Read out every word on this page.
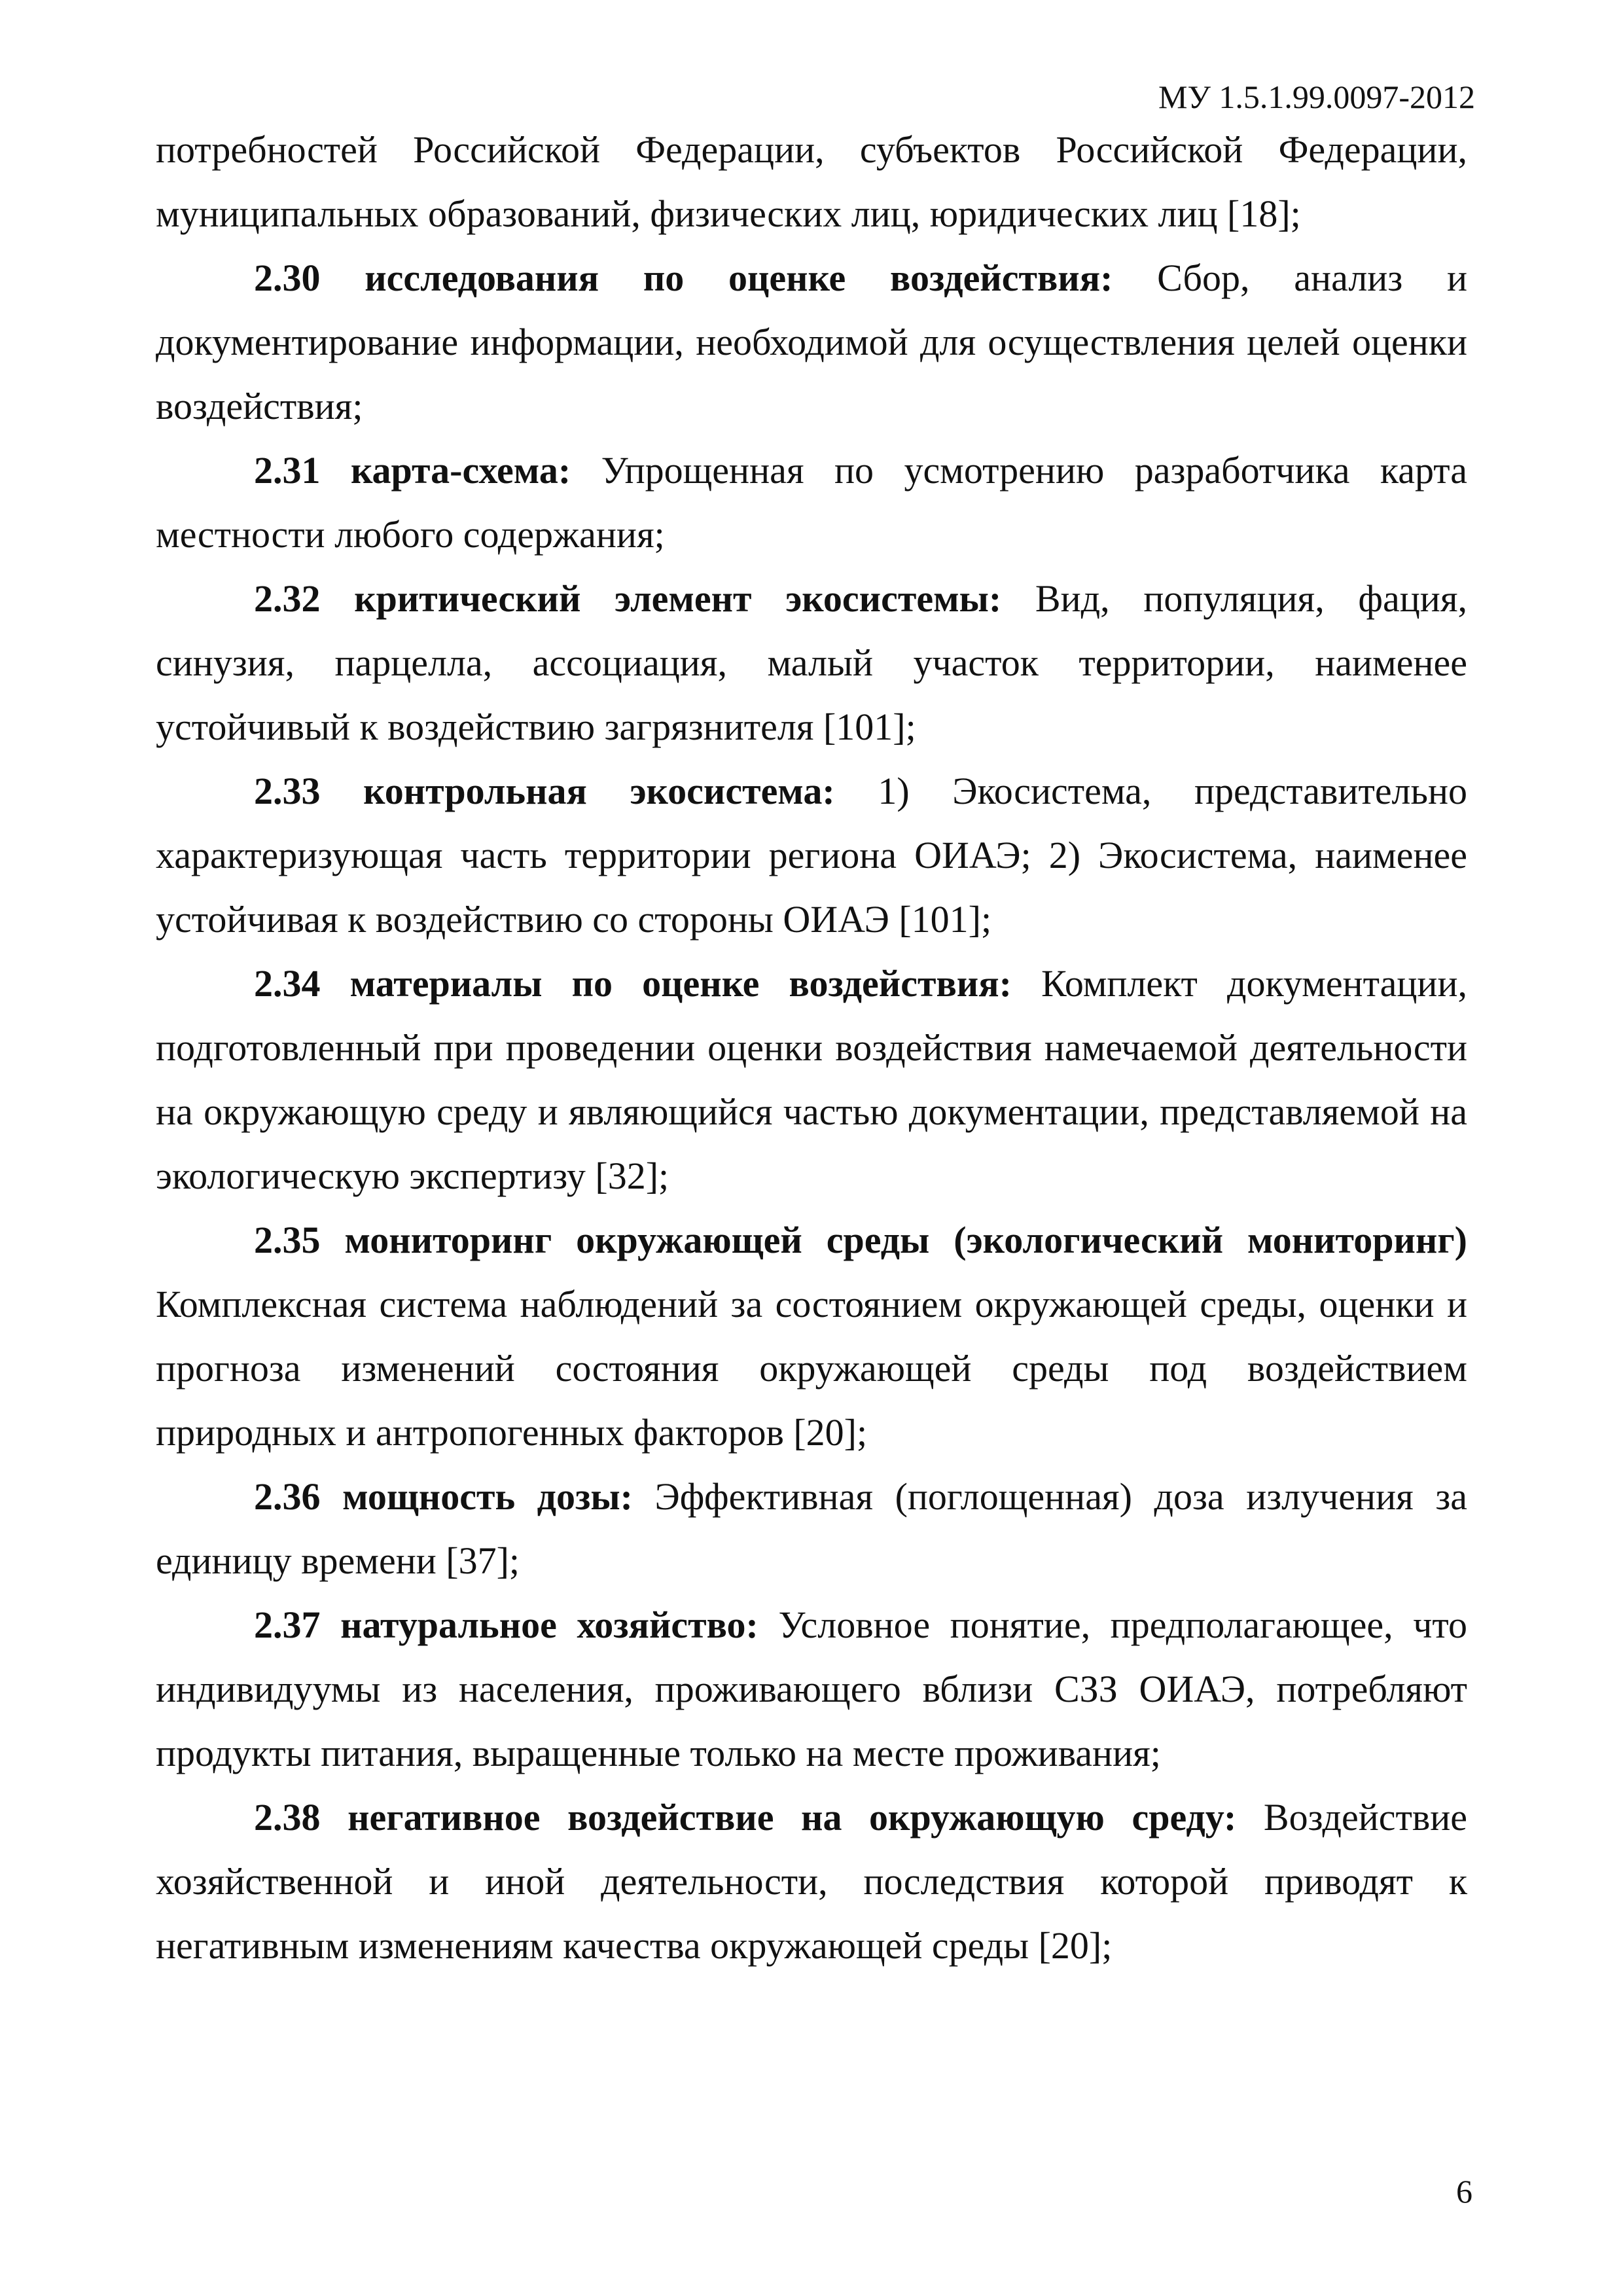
МУ 1.5.1.99.0097-2012

потребностей Российской Федерации, субъектов Российской Федерации, муниципальных образований, физических лиц, юридических лиц [18];

2.30 исследования по оценке воздействия: Сбор, анализ и документирование информации, необходимой для осуществления целей оценки воздействия;

2.31 карта-схема: Упрощенная по усмотрению разработчика карта местности любого содержания;

2.32 критический элемент экосистемы: Вид, популяция, фация, синузия, парцелла, ассоциация, малый участок территории, наименее устойчивый к воздействию загрязнителя [101];

2.33 контрольная экосистема: 1) Экосистема, представительно характеризующая часть территории региона ОИАЭ; 2) Экосистема, наименее устойчивая к воздействию со стороны ОИАЭ [101];

2.34 материалы по оценке воздействия: Комплект документации, подготовленный при проведении оценки воздействия намечаемой деятельности на окружающую среду и являющийся частью документации, представляемой на экологическую экспертизу [32];

2.35 мониторинг окружающей среды (экологический мониторинг) Комплексная система наблюдений за состоянием окружающей среды, оценки и прогноза изменений состояния окружающей среды под воздействием природных и антропогенных факторов [20];

2.36 мощность дозы: Эффективная (поглощенная) доза излучения за единицу времени [37];

2.37 натуральное хозяйство: Условное понятие, предполагающее, что индивидуумы из населения, проживающего вблизи СЗЗ ОИАЭ, потребляют продукты питания, выращенные только на месте проживания;

2.38 негативное воздействие на окружающую среду: Воздействие хозяйственной и иной деятельности, последствия которой приводят к негативным изменениям качества окружающей среды [20];

6
